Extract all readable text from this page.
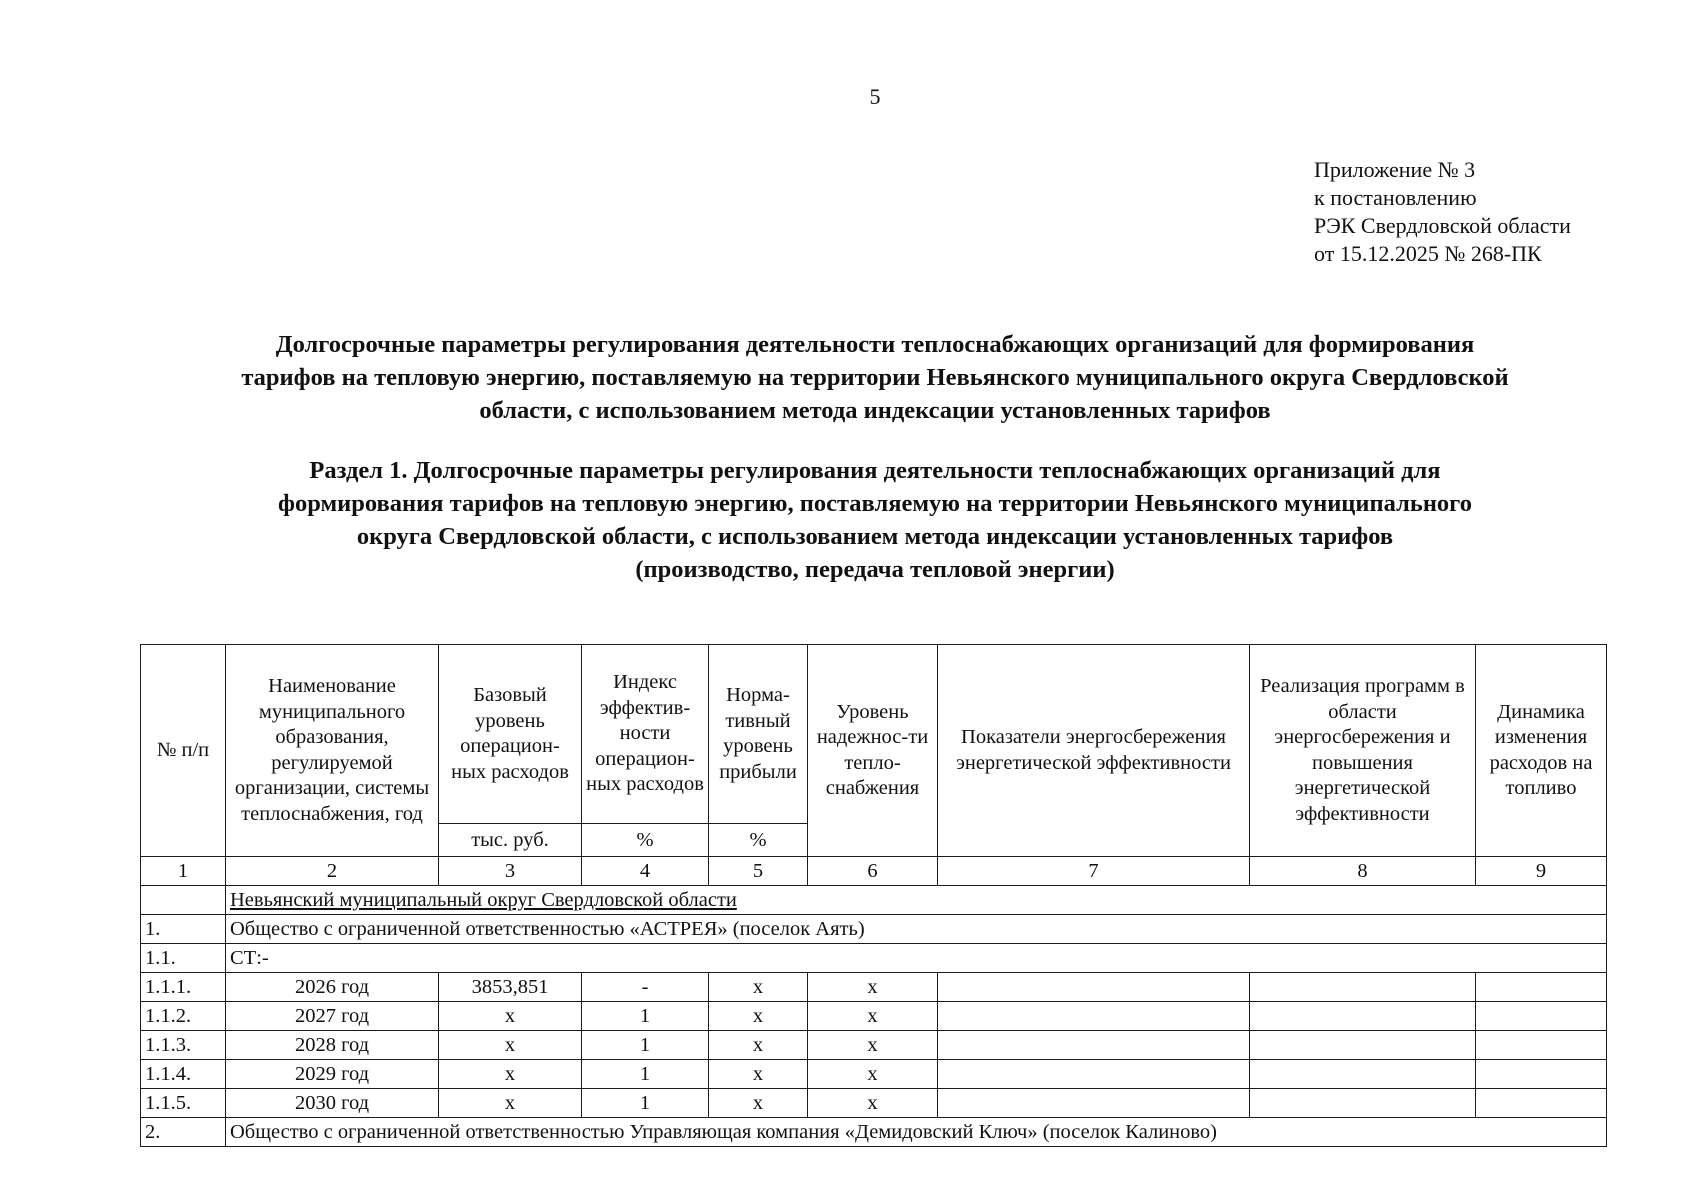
5
Приложение № 3
к постановлению
РЭК Свердловской области
от 15.12.2025 № 268-ПК
Долгосрочные параметры регулирования деятельности теплоснабжающих организаций для формирования
тарифов на тепловую энергию, поставляемую на территории Невьянского муниципального округа Свердловской
области, с использованием метода индексации установленных тарифов
Раздел 1. Долгосрочные параметры регулирования деятельности теплоснабжающих организаций для
формирования тарифов на тепловую энергию, поставляемую на территории Невьянского муниципального
округа Свердловской области, с использованием метода индексации установленных тарифов
(производство, передача тепловой энергии)
№ п/п	Наименование муниципального образования, регулируемой организации, системы теплоснабжения, год	Базовый уровень операцион-ных расходов	Индекс эффектив-ности операцион-ных расходов	Норма-тивный уровень прибыли	Уровень надежнос-ти тепло-снабжения	Показатели энергосбережения энергетической эффективности	Реализация программ в области энергосбережения и повышения энергетической эффективности	Динамика изменения расходов на топливо
		тыс. руб.	%	%				
1	2	3	4	5	6	7	8	9
	Невьянский муниципальный округ Свердловской области							
1.	Общество с ограниченной ответственностью «АСТРЕЯ» (поселок Аять)							
1.1.	СТ:-							
1.1.1.	2026 год	3853,851	-	x	x			
1.1.2.	2027 год	x	1	x	x			
1.1.3.	2028 год	x	1	x	x			
1.1.4.	2029 год	x	1	x	x			
1.1.5.	2030 год	x	1	x	x			
2.	Общество с ограниченной ответственностью Управляющая компания «Демидовский Ключ» (поселок Калиново)							
